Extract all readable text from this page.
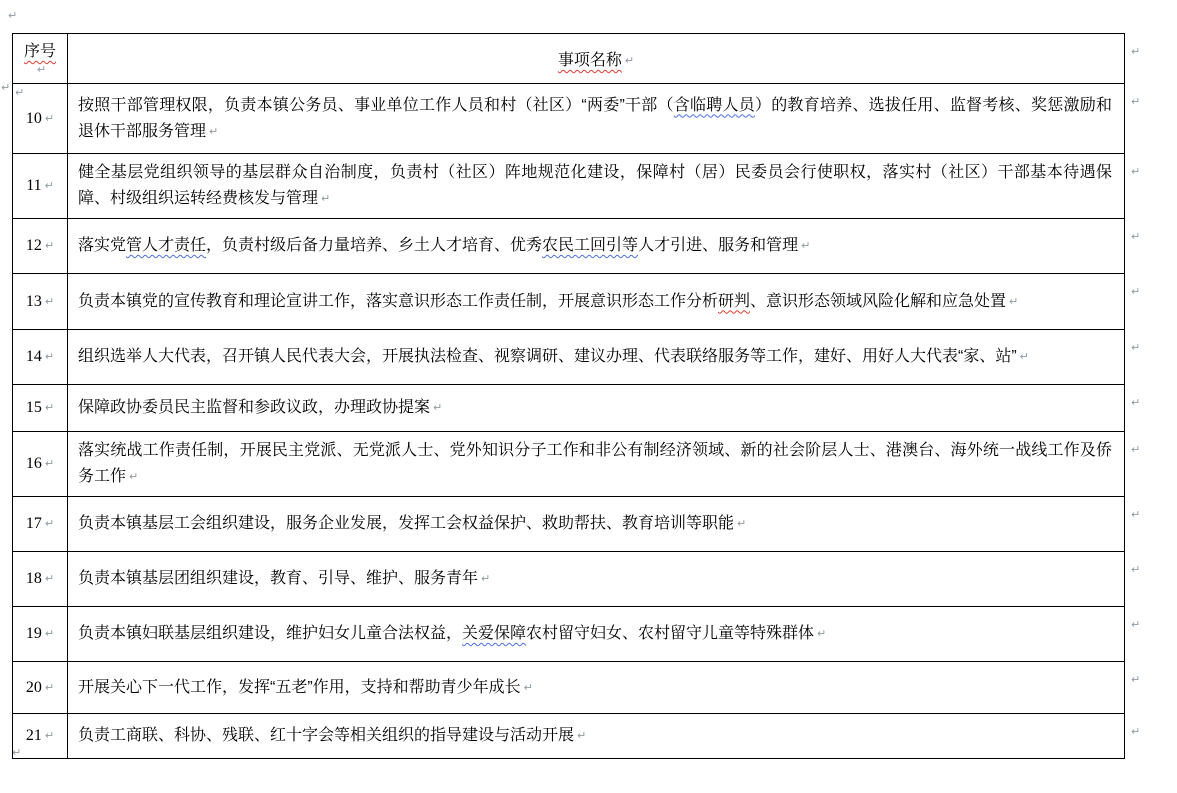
↵
↵
↵
序号↵	事项名称 ↵	↵

↵
10 ↵	按照干部管理权限，负责本镇公务员、事业单位工作人员和村（社区）“两委”干部（含临聘人员）的教育培养、选拔任用、监督考核、奖惩激励和退休干部服务管理 ↵	↵
11 ↵	健全基层党组织领导的基层群众自治制度，负责村（社区）阵地规范化建设，保障村（居）民委员会行使职权，落实村（社区）干部基本待遇保障、村级组织运转经费核发与管理 ↵	↵
12 ↵	落实党管人才责任，负责村级后备力量培养、乡土人才培育、优秀农民工回引等人才引进、服务和管理 ↵	↵
13 ↵	负责本镇党的宣传教育和理论宣讲工作，落实意识形态工作责任制，开展意识形态工作分析研判、意识形态领域风险化解和应急处置 ↵	↵
14 ↵	组织选举人大代表，召开镇人民代表大会，开展执法检查、视察调研、建议办理、代表联络服务等工作，建好、用好人大代表“家、站” ↵	↵
15 ↵	保障政协委员民主监督和参政议政，办理政协提案 ↵	↵
16 ↵	落实统战工作责任制，开展民主党派、无党派人士、党外知识分子工作和非公有制经济领域、新的社会阶层人士、港澳台、海外统一战线工作及侨务工作 ↵	↵
17 ↵	负责本镇基层工会组织建设，服务企业发展，发挥工会权益保护、救助帮扶、教育培训等职能 ↵	↵
18 ↵	负责本镇基层团组织建设，教育、引导、维护、服务青年 ↵	↵
19 ↵	负责本镇妇联基层组织建设，维护妇女儿童合法权益，关爱保障农村留守妇女、农村留守儿童等特殊群体 ↵	↵
20 ↵	开展关心下一代工作，发挥“五老”作用，支持和帮助青少年成长 ↵	↵
21 ↵	负责工商联、科协、残联、红十字会等相关组织的指导建设与活动开展 ↵	↵
